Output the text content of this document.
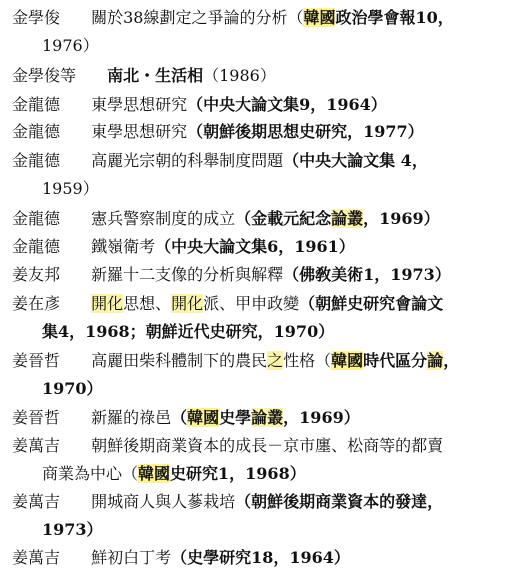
金學俊 關於38線劃定之爭論的分析（韓國政治學會報10，
1976）
金學俊等 南北・生活相（1986）
金龍德 東學思想研究（中央大論文集9，1964）
金龍德 東學思想研究（朝鮮後期思想史研究，1977）
金龍德 高麗光宗朝的科舉制度問題（中央大論文集 4，
1959）
金龍德 憲兵警察制度的成立（金載元紀念論叢，1969）
金龍德 鐵嶺衛考（中央大論文集6，1961）
姜友邦 新羅十二支像的分析與解釋（佛敎美術1，1973）
姜在彥 開化思想、開化派、甲申政變（朝鮮史研究會論文
集4，1968；朝鮮近代史研究，1970）
姜晉哲 高麗田柴科體制下的農民之性格（韓國時代區分論，
1970）
姜晉哲 新羅的祿邑（韓國史學論叢，1969）
姜萬吉 朝鮮後期商業資本的成長－京市廛、松商等的都賣
商業為中心（韓國史研究1，1968）
姜萬吉 開城商人與人蔘栽培（朝鮮後期商業資本的發達，
1973）
姜萬吉 鮮初白丁考（史學研究18，1964）
